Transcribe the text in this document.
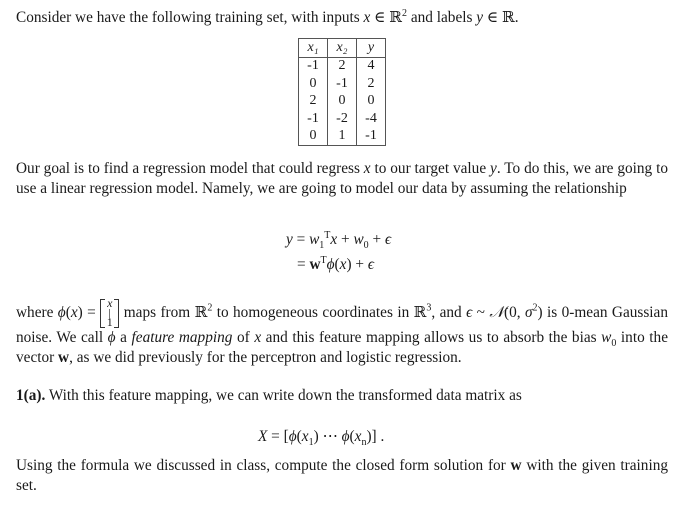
Consider we have the following training set, with inputs x ∈ ℝ$^2$ and labels y ∈ ℝ.
x₁	x₂	y
-1	2	4
0	-1	2
2	0	0
-1	-2	-4
0	1	-1
Our goal is to find a regression model that could regress x to our target value y. To do this, we are going to use a linear regression model. Namely, we are going to model our data by assuming the relationship
$y = w_1^Tx + w_0 + \epsilon$
= $w^T\phi(x) + \epsilon$
where ϕ(x) = x|1 maps from ℝ$^2$ to homogeneous coordinates in ℝ$^3$, and ϵ ~ 𝒩(0, $\sigma^2$) is 0-mean Gaussian noise. We call ϕ a feature mapping of x and this feature mapping allows us to absorb the bias $w_0$ into the vector w, as we did previously for the perceptron and logistic regression.
1(a). With this feature mapping, we can write down the transformed data matrix as
$X = [\phi(x_1)$ ⋯ $\phi(x_n)$] .
Using the formula we discussed in class, compute the closed form solution for w with the given training set.
